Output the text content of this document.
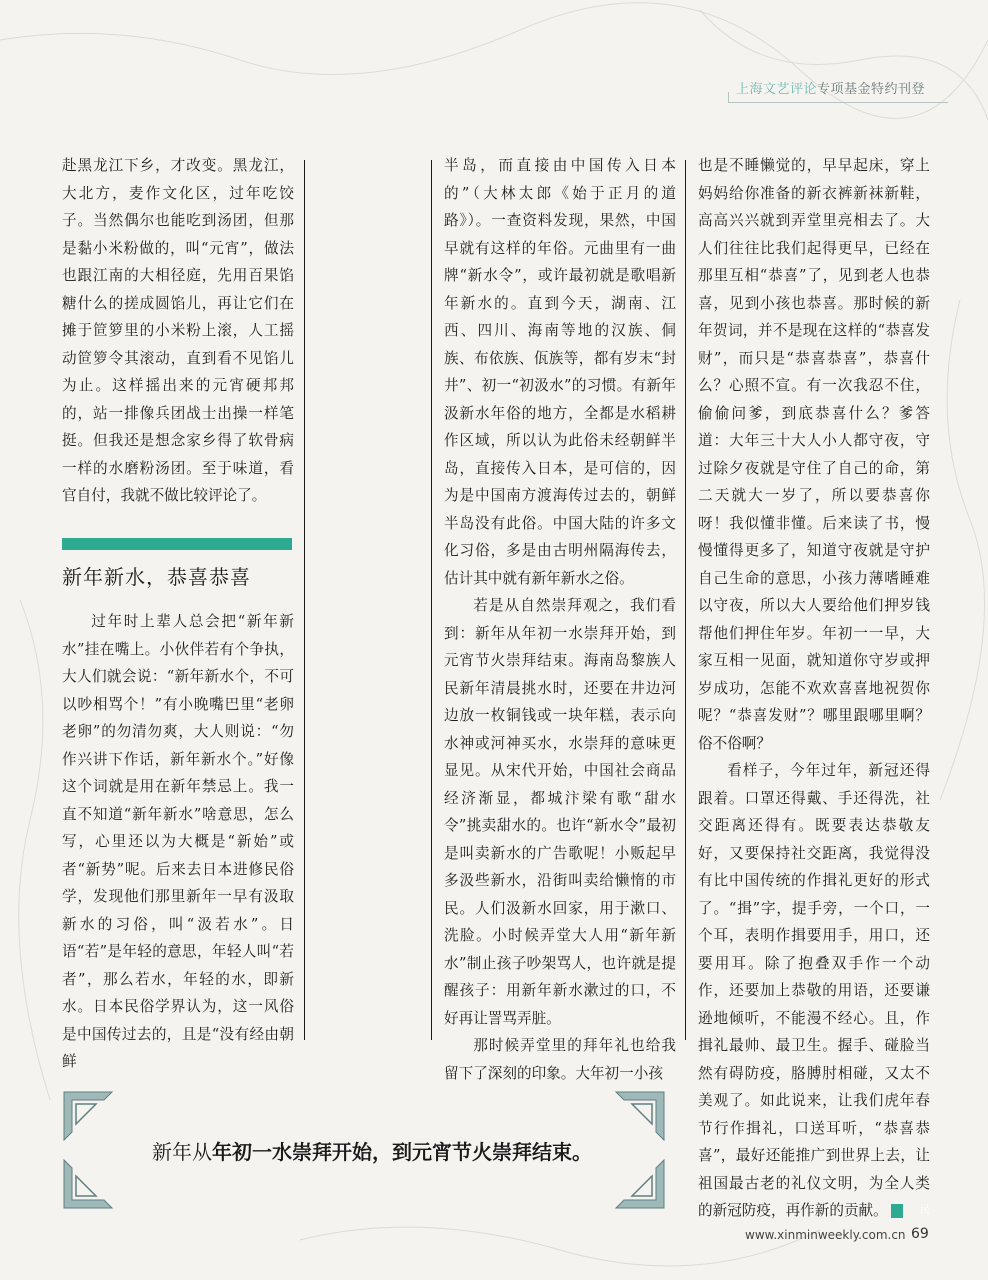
上海文艺评论专项基金特约刊登

赴黑龙江下乡，才改变。黑龙江，大北方，麦作文化区，过年吃饺子。当然偶尔也能吃到汤团，但那是黏小米粉做的，叫“元宵”，做法也跟江南的大相径庭，先用百果馅糖什么的搓成圆馅儿，再让它们在摊于笸箩里的小米粉上滚，人工摇动笸箩令其滚动，直到看不见馅儿为止。这样摇出来的元宵硬邦邦的，站一排像兵团战士出操一样笔挺。但我还是想念家乡得了软骨病一样的水磨粉汤团。至于味道，看官自付，我就不做比较评论了。

新年新水，恭喜恭喜

过年时上辈人总会把“新年新水”挂在嘴上。小伙伴若有个争执，大人们就会说：“新年新水个，不可以吵相骂个！”有小晚嘴巴里“老卵老卵”的勿清勿爽，大人则说：“勿作兴讲下作话，新年新水个。”好像这个词就是用在新年禁忌上。我一直不知道“新年新水”啥意思，怎么写，心里还以为大概是“新始”或者“新势”呢。后来去日本进修民俗学，发现他们那里新年一早有汲取新水的习俗，叫“汲若水”。日语“若”是年轻的意思，年轻人叫“若者”，那么若水，年轻的水，即新水。日本民俗学界认为，这一风俗是中国传过去的，且是“没有经由朝鲜

半岛，而直接由中国传入日本的”（大林太郎《始于正月的道路》）。一查资料发现，果然，中国早就有这样的年俗。元曲里有一曲牌“新水令”，或许最初就是歌唱新年新水的。直到今天，湖南、江西、四川、海南等地的汉族、侗族、布依族、佤族等，都有岁末“封井”、初一“初汲水”的习惯。有新年汲新水年俗的地方，全都是水稻耕作区域，所以认为此俗未经朝鲜半岛，直接传入日本，是可信的，因为是中国南方渡海传过去的，朝鲜半岛没有此俗。中国大陆的许多文化习俗，多是由古明州隔海传去，估计其中就有新年新水之俗。

若是从自然崇拜观之，我们看到：新年从年初一水崇拜开始，到元宵节火崇拜结束。海南岛黎族人民新年清晨挑水时，还要在井边河边放一枚铜钱或一块年糕，表示向水神或河神买水，水崇拜的意味更显见。从宋代开始，中国社会商品经济渐显，都城汴梁有歌“甜水令”挑卖甜水的。也许“新水令”最初是叫卖新水的广告歌呢！小贩起早多汲些新水，沿街叫卖给懒惰的市民。人们汲新水回家，用于漱口、洗脸。小时候弄堂大人用“新年新水”制止孩子吵架骂人，也许就是提醒孩子：用新年新水漱过的口，不好再让詈骂弄脏。

那时候弄堂里的拜年礼也给我留下了深刻的印象。大年初一小孩

也是不睡懒觉的，早早起床，穿上妈妈给你准备的新衣裤新袜新鞋，高高兴兴就到弄堂里亮相去了。大人们往往比我们起得更早，已经在那里互相“恭喜”了，见到老人也恭喜，见到小孩也恭喜。那时候的新年贺词，并不是现在这样的“恭喜发财”，而只是“恭喜恭喜”，恭喜什么？心照不宣。有一次我忍不住，偷偷问爹，到底恭喜什么？爹答道：大年三十大人小人都守夜，守过除夕夜就是守住了自己的命，第二天就大一岁了，所以要恭喜你呀！我似懂非懂。后来读了书，慢慢懂得更多了，知道守夜就是守护自己生命的意思，小孩力薄嗜睡难以守夜，所以大人要给他们押岁钱帮他们押住年岁。年初一一早，大家互相一见面，就知道你守岁或押岁成功，怎能不欢欢喜喜地祝贺你呢？“恭喜发财”？哪里跟哪里啊？俗不俗啊？

看样子，今年过年，新冠还得跟着。口罩还得戴、手还得洗，社交距离还得有。既要表达恭敬友好，又要保持社交距离，我觉得没有比中国传统的作揖礼更好的形式了。“揖”字，提手旁，一个口，一个耳，表明作揖要用手，用口，还要用耳。除了抱叠双手作一个动作，还要加上恭敬的用语，还要谦逊地倾听，不能漫不经心。且，作揖礼最帅、最卫生。握手、碰脸当然有碍防疫，胳膊肘相碰，又太不美观了。如此说来，让我们虎年春节行作揖礼，口送耳听，“恭喜恭喜”，最好还能推广到世界上去，让祖国最古老的礼仪文明，为全人类的新冠防疫，再作新的贡献。	民

新年从年初一水崇拜开始，到元宵节火崇拜结束。
www.xinminweekly.com.cn 69
